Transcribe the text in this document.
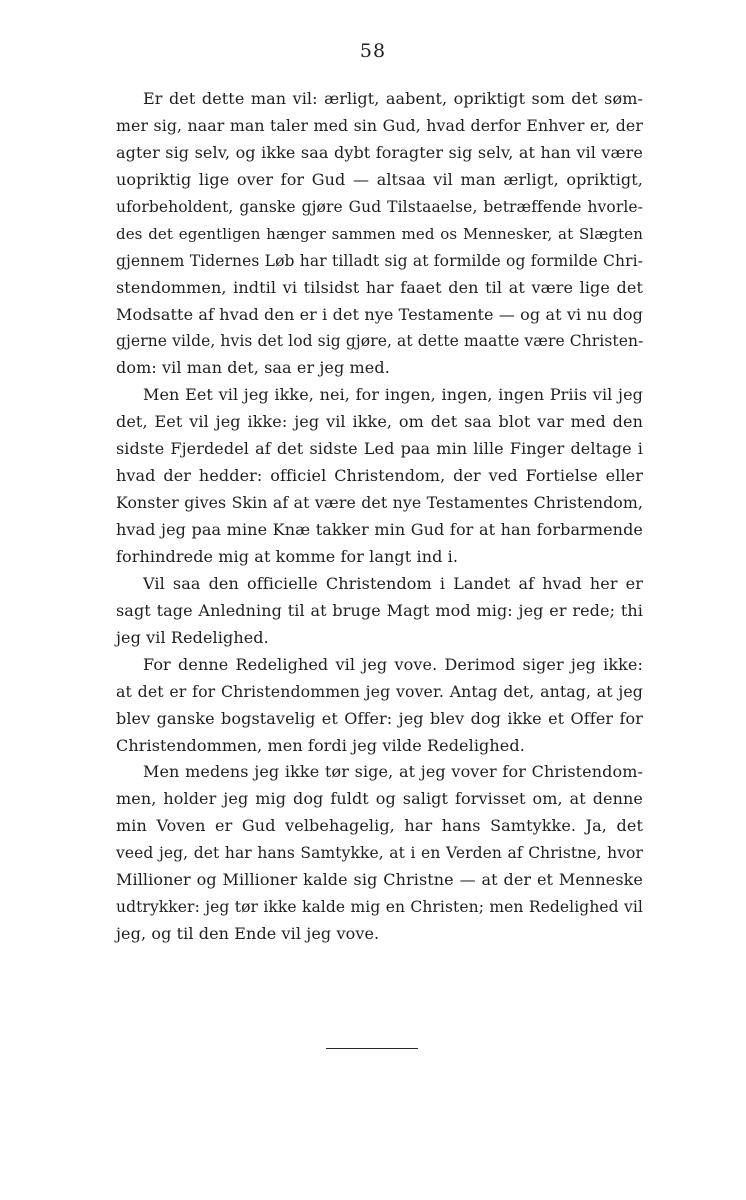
58
Er det dette man vil: ærligt, aabent, opriktigt som det søm-
mer sig, naar man taler med sin Gud, hvad derfor Enhver er, der
agter sig selv, og ikke saa dybt foragter sig selv, at han vil være
uopriktig lige over for Gud — altsaa vil man ærligt, opriktigt,
uforbeholdent, ganske gjøre Gud Tilstaaelse, betræffende hvorle-
des det egentligen hænger sammen med os Mennesker, at Slægten
gjennem Tidernes Løb har tilladt sig at formilde og formilde Chri-
stendommen, indtil vi tilsidst har faaet den til at være lige det
Modsatte af hvad den er i det nye Testamente — og at vi nu dog
gjerne vilde, hvis det lod sig gjøre, at dette maatte være Christen-
dom: vil man det, saa er jeg med.
Men Eet vil jeg ikke, nei, for ingen, ingen, ingen Priis vil jeg
det, Eet vil jeg ikke: jeg vil ikke, om det saa blot var med den
sidste Fjerdedel af det sidste Led paa min lille Finger deltage i
hvad der hedder: officiel Christendom, der ved Fortielse eller
Konster gives Skin af at være det nye Testamentes Christendom,
hvad jeg paa mine Knæ takker min Gud for at han forbarmende
forhindrede mig at komme for langt ind i.
Vil saa den officielle Christendom i Landet af hvad her er
sagt tage Anledning til at bruge Magt mod mig: jeg er rede; thi
jeg vil Redelighed.
For denne Redelighed vil jeg vove. Derimod siger jeg ikke:
at det er for Christendommen jeg vover. Antag det, antag, at jeg
blev ganske bogstavelig et Offer: jeg blev dog ikke et Offer for
Christendommen, men fordi jeg vilde Redelighed.
Men medens jeg ikke tør sige, at jeg vover for Christendom-
men, holder jeg mig dog fuldt og saligt forvisset om, at denne
min Voven er Gud velbehagelig, har hans Samtykke. Ja, det
veed jeg, det har hans Samtykke, at i en Verden af Christne, hvor
Millioner og Millioner kalde sig Christne — at der et Menneske
udtrykker: jeg tør ikke kalde mig en Christen; men Redelighed vil
jeg, og til den Ende vil jeg vove.
